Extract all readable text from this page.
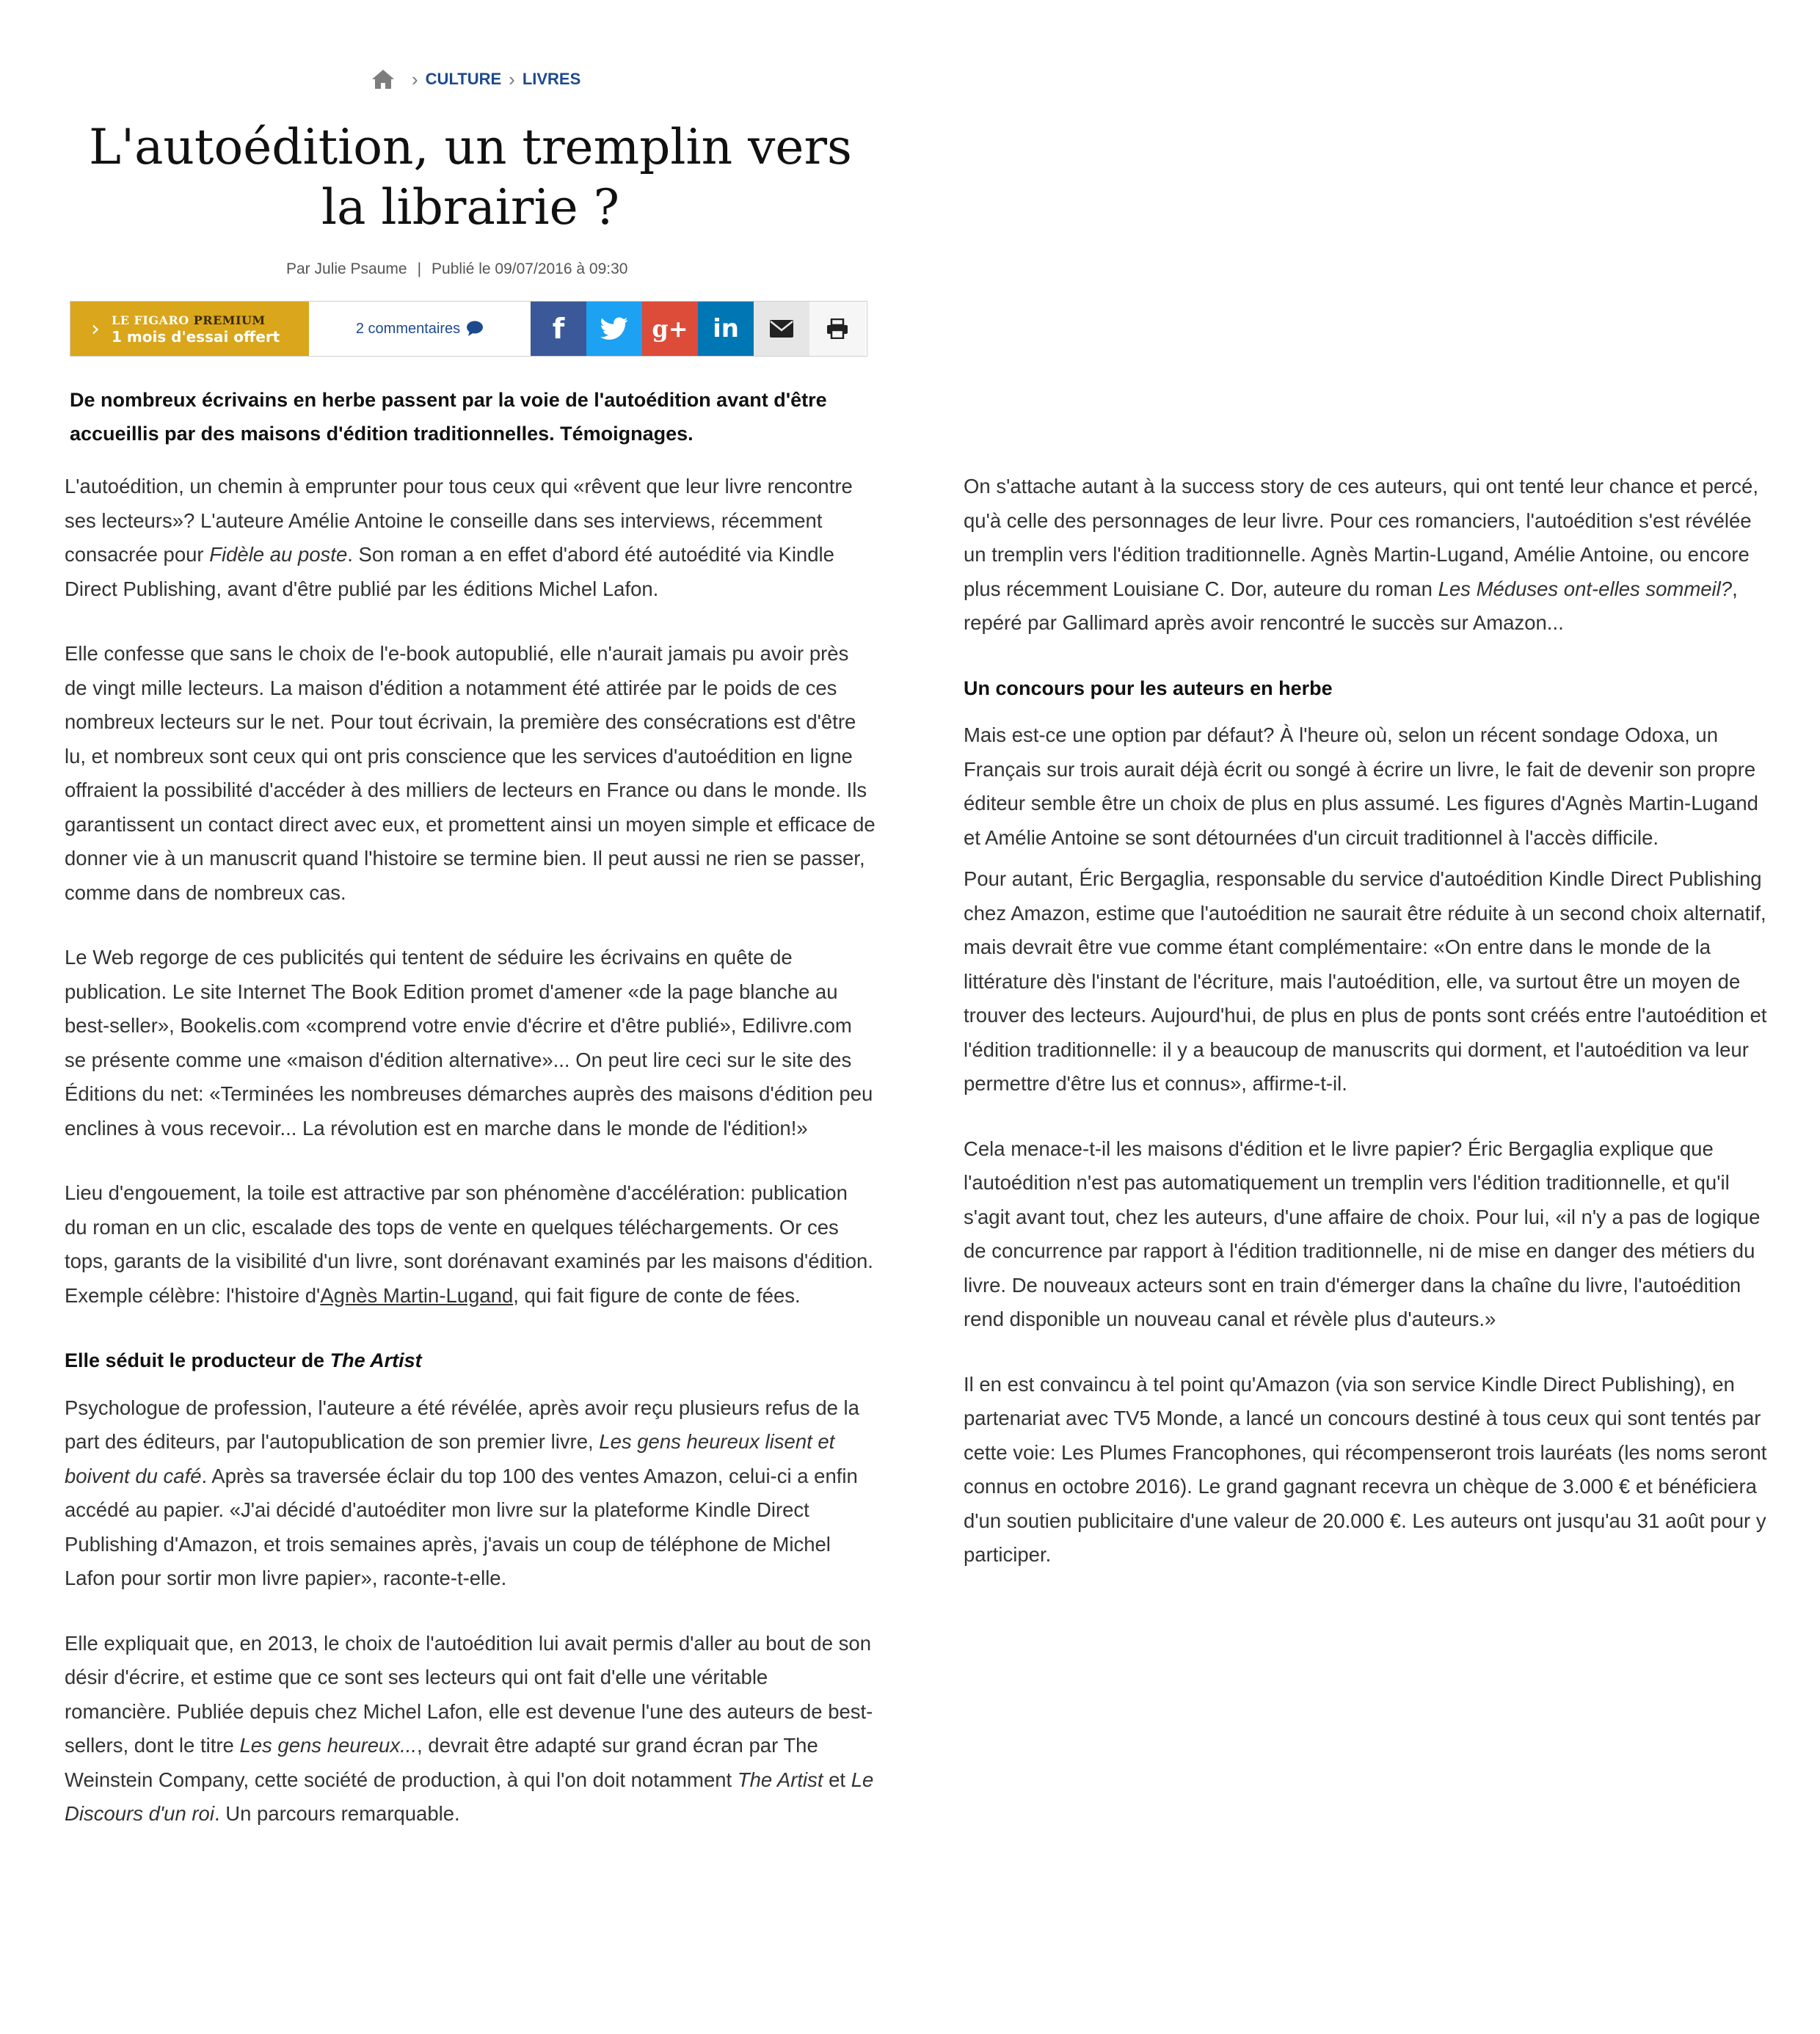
› CULTURE › LIVRES
L'autoédition, un tremplin vers la librairie ?
Par Julie Psaume | Publié le 09/07/2016 à 09:30
› LE FIGARO PREMIUM
1 mois d'essai offert	2 commentaires	f	g+ in

De nombreux écrivains en herbe passent par la voie de l'autoédition avant d'être accueillis par des maisons d'édition traditionnelles. Témoignages.

L'autoédition, un chemin à emprunter pour tous ceux qui «rêvent que leur livre rencontre ses lecteurs»? L'auteure Amélie Antoine le conseille dans ses interviews, récemment consacrée pour Fidèle au poste. Son roman a en effet d'abord été autoédité via Kindle Direct Publishing, avant d'être publié par les éditions Michel Lafon.

Elle confesse que sans le choix de l'e-book autopublié, elle n'aurait jamais pu avoir près de vingt mille lecteurs. La maison d'édition a notamment été attirée par le poids de ces nombreux lecteurs sur le net. Pour tout écrivain, la première des consécrations est d'être lu, et nombreux sont ceux qui ont pris conscience que les services d'autoédition en ligne offraient la possibilité d'accéder à des milliers de lecteurs en France ou dans le monde. Ils garantissent un contact direct avec eux, et promettent ainsi un moyen simple et efficace de donner vie à un manuscrit quand l'histoire se termine bien. Il peut aussi ne rien se passer, comme dans de nombreux cas.

Le Web regorge de ces publicités qui tentent de séduire les écrivains en quête de publication. Le site Internet The Book Edition promet d'amener «de la page blanche au best-seller», Bookelis.com «comprend votre envie d'écrire et d'être publié», Edilivre.com se présente comme une «maison d'édition alternative»... On peut lire ceci sur le site des Éditions du net: «Terminées les nombreuses démarches auprès des maisons d'édition peu enclines à vous recevoir... La révolution est en marche dans le monde de l'édition!»

Lieu d'engouement, la toile est attractive par son phénomène d'accélération: publication du roman en un clic, escalade des tops de vente en quelques téléchargements. Or ces tops, garants de la visibilité d'un livre, sont dorénavant examinés par les maisons d'édition. Exemple célèbre: l'histoire d'Agnès Martin-Lugand, qui fait figure de conte de fées.

Elle séduit le producteur de The Artist

Psychologue de profession, l'auteure a été révélée, après avoir reçu plusieurs refus de la part des éditeurs, par l'autopublication de son premier livre, Les gens heureux lisent et boivent du café. Après sa traversée éclair du top 100 des ventes Amazon, celui-ci a enfin accédé au papier. «J'ai décidé d'autoéditer mon livre sur la plateforme Kindle Direct Publishing d'Amazon, et trois semaines après, j'avais un coup de téléphone de Michel Lafon pour sortir mon livre papier», raconte-t-elle.

Elle expliquait que, en 2013, le choix de l'autoédition lui avait permis d'aller au bout de son désir d'écrire, et estime que ce sont ses lecteurs qui ont fait d'elle une véritable romancière. Publiée depuis chez Michel Lafon, elle est devenue l'une des auteurs de best-sellers, dont le titre Les gens heureux..., devrait être adapté sur grand écran par The Weinstein Company, cette société de production, à qui l'on doit notamment The Artist et Le Discours d'un roi. Un parcours remarquable.

On s'attache autant à la success story de ces auteurs, qui ont tenté leur chance et percé, qu'à celle des personnages de leur livre. Pour ces romanciers, l'autoédition s'est révélée un tremplin vers l'édition traditionnelle. Agnès Martin-Lugand, Amélie Antoine, ou encore plus récemment Louisiane C. Dor, auteure du roman Les Méduses ont-elles sommeil?, repéré par Gallimard après avoir rencontré le succès sur Amazon...

Un concours pour les auteurs en herbe

Mais est-ce une option par défaut? À l'heure où, selon un récent sondage Odoxa, un Français sur trois aurait déjà écrit ou songé à écrire un livre, le fait de devenir son propre éditeur semble être un choix de plus en plus assumé. Les figures d'Agnès Martin-Lugand et Amélie Antoine se sont détournées d'un circuit traditionnel à l'accès difficile.

Pour autant, Éric Bergaglia, responsable du service d'autoédition Kindle Direct Publishing chez Amazon, estime que l'autoédition ne saurait être réduite à un second choix alternatif, mais devrait être vue comme étant complémentaire: «On entre dans le monde de la littérature dès l'instant de l'écriture, mais l'autoédition, elle, va surtout être un moyen de trouver des lecteurs. Aujourd'hui, de plus en plus de ponts sont créés entre l'autoédition et l'édition traditionnelle: il y a beaucoup de manuscrits qui dorment, et l'autoédition va leur permettre d'être lus et connus», affirme-t-il.

Cela menace-t-il les maisons d'édition et le livre papier? Éric Bergaglia explique que l'autoédition n'est pas automatiquement un tremplin vers l'édition traditionnelle, et qu'il s'agit avant tout, chez les auteurs, d'une affaire de choix. Pour lui, «il n'y a pas de logique de concurrence par rapport à l'édition traditionnelle, ni de mise en danger des métiers du livre. De nouveaux acteurs sont en train d'émerger dans la chaîne du livre, l'autoédition rend disponible un nouveau canal et révèle plus d'auteurs.»

Il en est convaincu à tel point qu'Amazon (via son service Kindle Direct Publishing), en partenariat avec TV5 Monde, a lancé un concours destiné à tous ceux qui sont tentés par cette voie: Les Plumes Francophones, qui récompenseront trois lauréats (les noms seront connus en octobre 2016). Le grand gagnant recevra un chèque de 3.000 € et bénéficiera d'un soutien publicitaire d'une valeur de 20.000 €. Les auteurs ont jusqu'au 31 août pour y participer.
